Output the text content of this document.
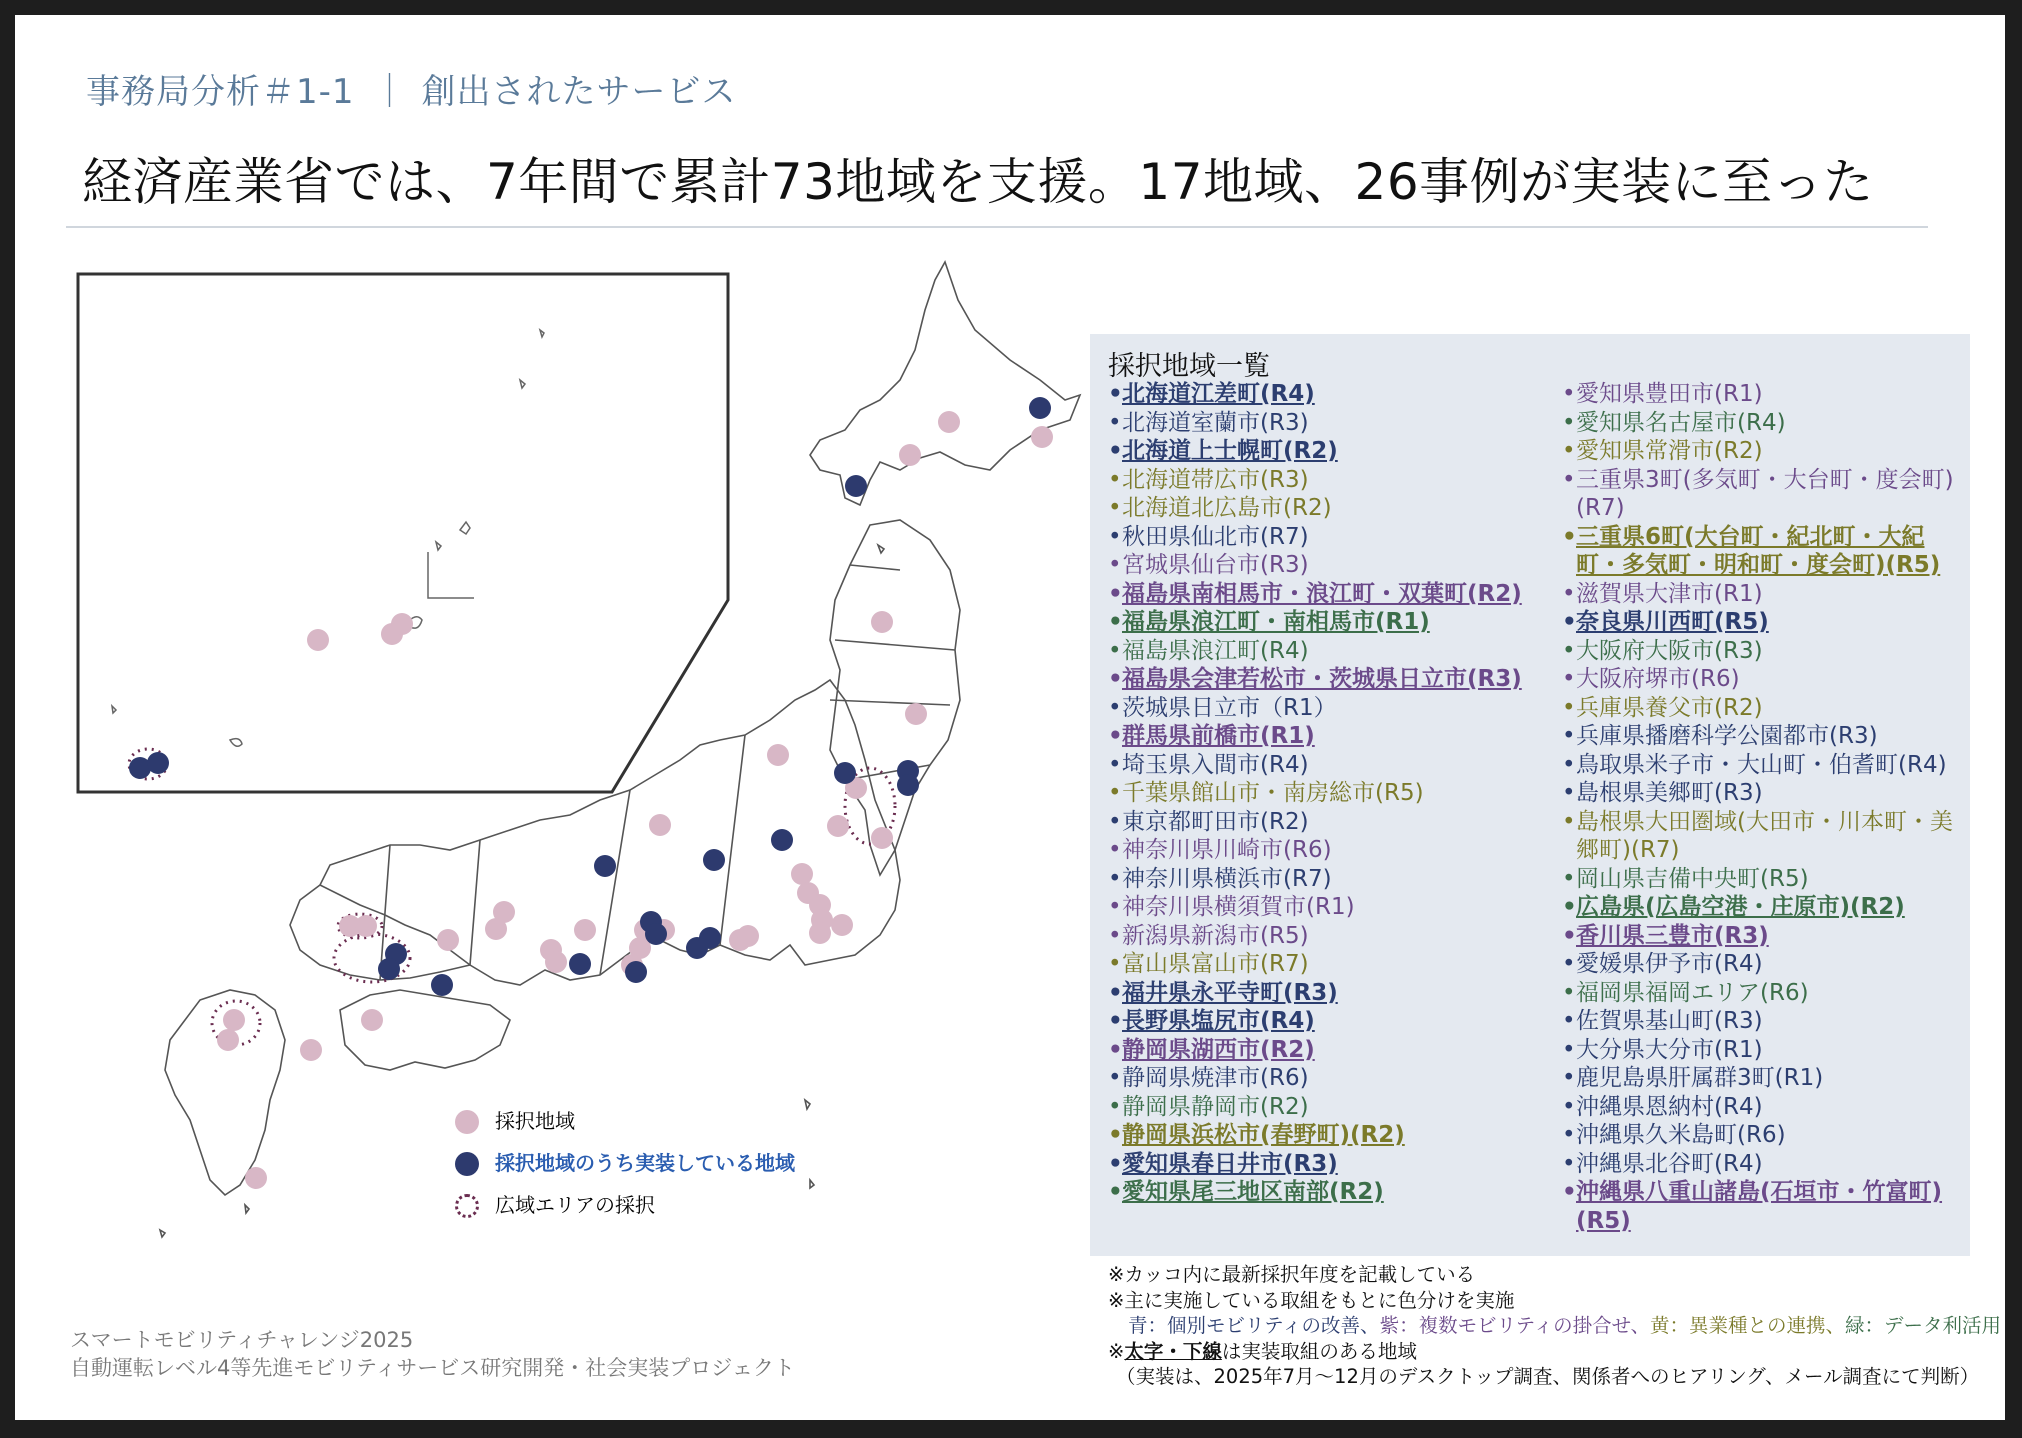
事務局分析＃1-1 ｜ 創出されたサービス
経済産業省では、7年間で累計73地域を支援。17地域、26事例が実装に至った
採択地域
採択地域のうち実装している地域
広域エリアの採択
採択地域一覧
• 北海道江差町(R4)
• 北海道室蘭市(R3)
• 北海道上士幌町(R2)
• 北海道帯広市(R3)
• 北海道北広島市(R2)
• 秋田県仙北市(R7)
• 宮城県仙台市(R3)
• 福島県南相馬市・浪江町・双葉町(R2)
• 福島県浪江町・南相馬市(R1)
• 福島県浪江町(R4)
• 福島県会津若松市・茨城県日立市(R3)
• 茨城県日立市（R1）
• 群馬県前橋市(R1)
• 埼玉県入間市(R4)
• 千葉県館山市・南房総市(R5)
• 東京都町田市(R2)
• 神奈川県川崎市(R6)
• 神奈川県横浜市(R7)
• 神奈川県横須賀市(R1)
• 新潟県新潟市(R5)
• 富山県富山市(R7)
• 福井県永平寺町(R3)
• 長野県塩尻市(R4)
• 静岡県湖西市(R2)
• 静岡県焼津市(R6)
• 静岡県静岡市(R2)
• 静岡県浜松市(春野町)(R2)
• 愛知県春日井市(R3)
• 愛知県尾三地区南部(R2)
• 愛知県豊田市(R1)
• 愛知県名古屋市(R4)
• 愛知県常滑市(R2)
• 三重県3町(多気町・大台町・度会町)(R7)
• 三重県6町(大台町・紀北町・大紀町・多気町・明和町・度会町)(R5)
• 滋賀県大津市(R1)
• 奈良県川西町(R5)
• 大阪府大阪市(R3)
• 大阪府堺市(R6)
• 兵庫県養父市(R2)
• 兵庫県播磨科学公園都市(R3)
• 鳥取県米子市・大山町・伯耆町(R4)
• 島根県美郷町(R3)
• 島根県大田圏域(大田市・川本町・美郷町)(R7)
• 岡山県吉備中央町(R5)
• 広島県(広島空港・庄原市)(R2)
• 香川県三豊市(R3)
• 愛媛県伊予市(R4)
• 福岡県福岡エリア(R6)
• 佐賀県基山町(R3)
• 大分県大分市(R1)
• 鹿児島県肝属群3町(R1)
• 沖縄県恩納村(R4)
• 沖縄県久米島町(R6)
• 沖縄県北谷町(R4)
• 沖縄県八重山諸島(石垣市・竹富町)(R5)
※カッコ内に最新採択年度を記載している
※主に実施している取組をもとに色分けを実施
青：個別モビリティの改善、紫：複数モビリティの掛合せ、黄：異業種との連携、緑：データ利活用
※太字・下線は実装取組のある地域
（実装は、2025年7月～12月のデスクトップ調査、関係者へのヒアリング、メール調査にて判断）
スマートモビリティチャレンジ2025
自動運転レベル4等先進モビリティサービス研究開発・社会実装プロジェクト
